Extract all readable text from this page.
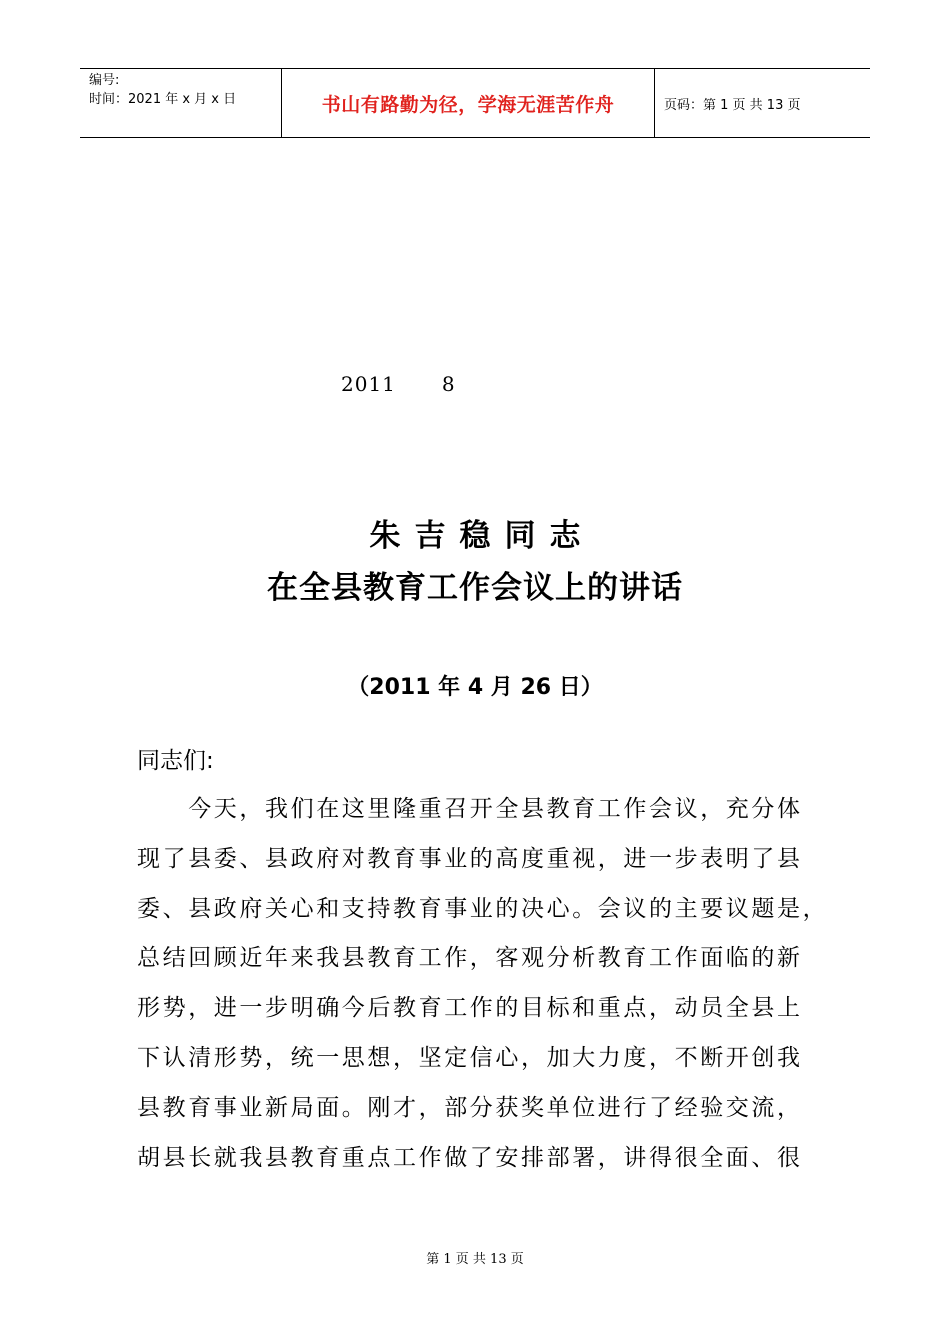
编号:
时间：2021 年 x 月 x 日	书山有路勤为径，学海无涯苦作舟	页码：第 1 页 共 13 页
2011 8
朱吉稳同志
在全县教育工作会议上的讲话
（2011 年 4 月 26 日）
同志们:
　　今天，我们在这里隆重召开全县教育工作会议，充分体
现了县委、县政府对教育事业的高度重视，进一步表明了县
委、县政府关心和支持教育事业的决心。会议的主要议题是，
总结回顾近年来我县教育工作，客观分析教育工作面临的新
形势，进一步明确今后教育工作的目标和重点，动员全县上
下认清形势，统一思想，坚定信心，加大力度，不断开创我
县教育事业新局面。刚才，部分获奖单位进行了经验交流，
胡县长就我县教育重点工作做了安排部署，讲得很全面、很
第 1 页 共 13 页
